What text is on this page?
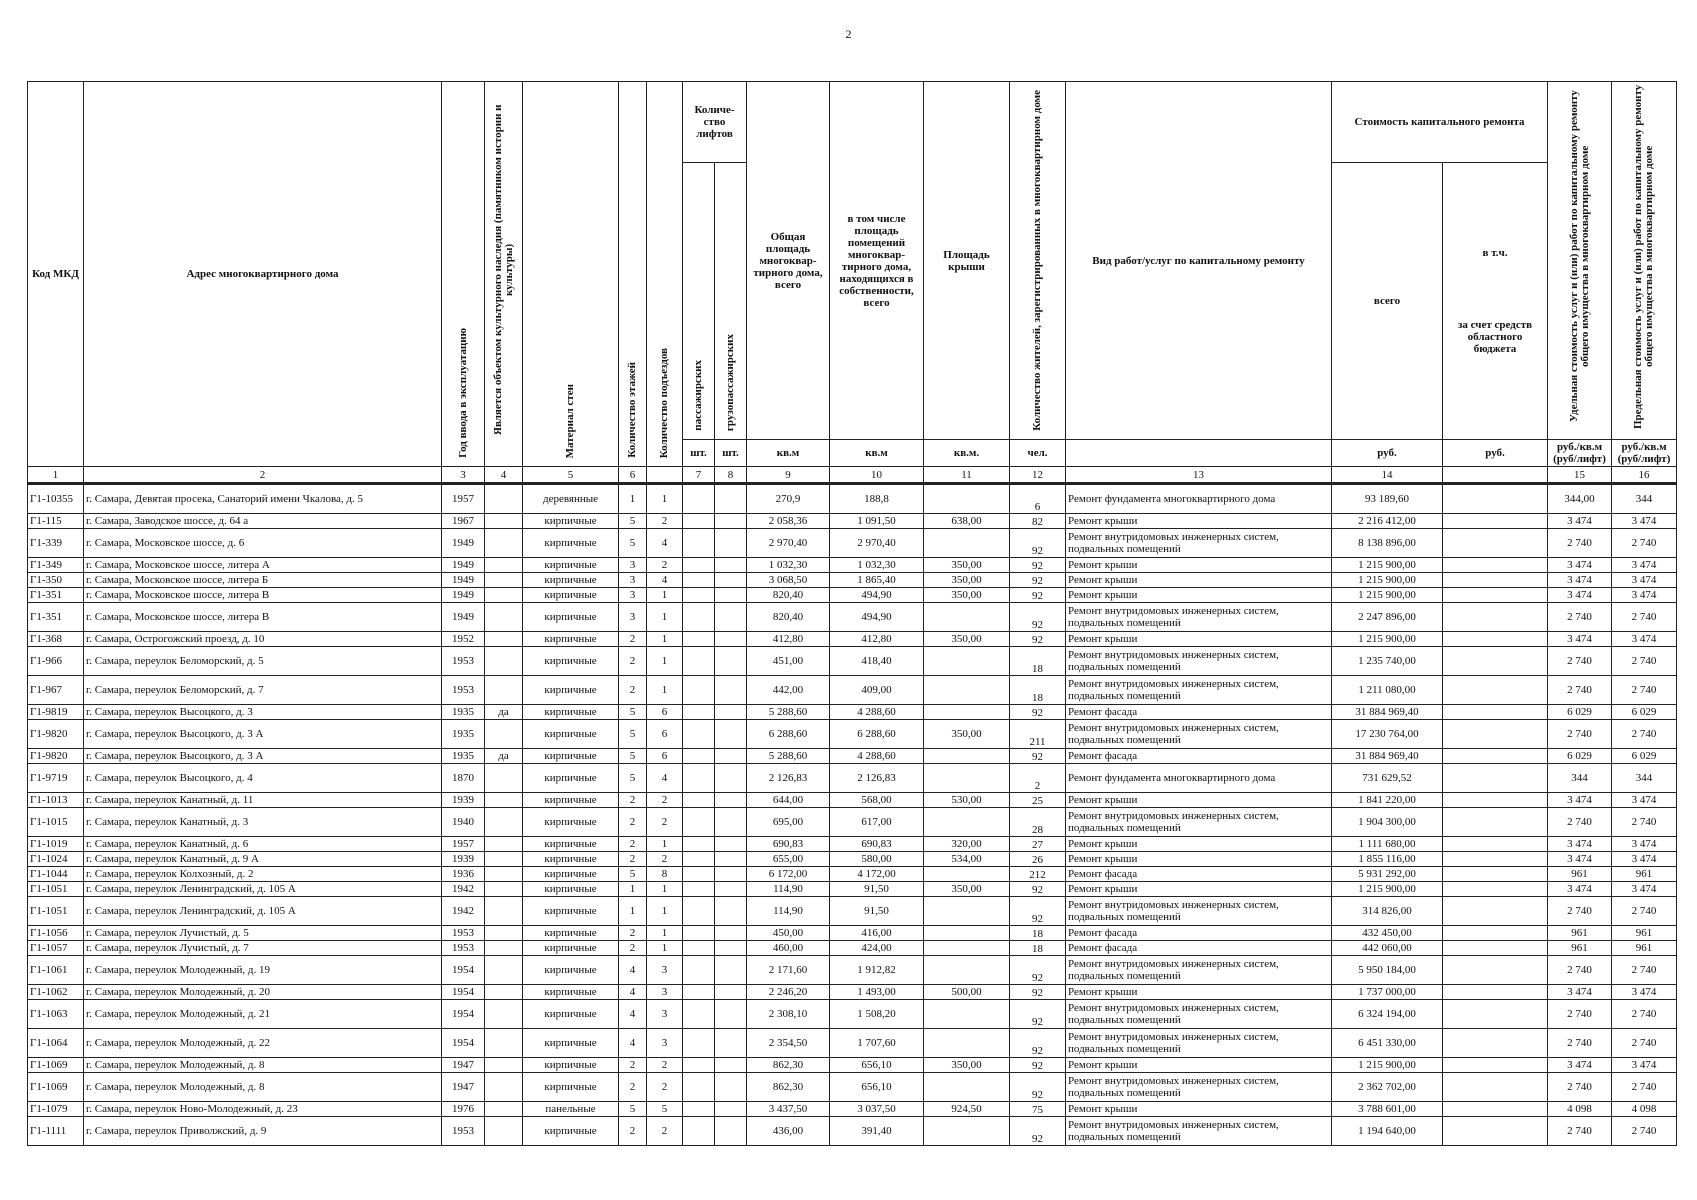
2
Код МКД	Адрес многоквартирного дома	Год ввода в эксплуатацию	Является объектом культурного наследия (памятником истории и культуры)	Материал стен	Количество этажей	Количество подъездов	Количе-ство лифтов		Общая площадь многоквар-тирного дома, всего	в том числе площадь помещений многоквар-тирного дома, находящихся в собственности, всего	Площадь крыши	Количество жителей, зарегистрированных в многоквартирном доме	Вид работ/услуг по капитальному ремонту	Стоимость капитального ремонта		Удельная стоимость услуг и (или) работ по капитальному ремонту общего имущества в многоквартирном доме	Предельная стоимость услуг и (или) работ по капитальному ремонту общего имущества в многоквартирном доме

							пассажирских	грузопассажирских						всего	в т.ч.
за счет средств областного бюджета		

							шт.	шт.	кв.м	кв.м	кв.м.	чел.		руб.	руб.	руб./кв.м (руб/лифт)	руб./кв.м (руб/лифт)
1	2	3	4	5	6		7	8	9	10	11	12	13	14		15	16
Г1-10355	г. Самара, Девятая просека, Санаторий имени Чкалова, д. 5	1957		деревянные	1	1			270,9	188,8		6	Ремонт фундамента многоквартирного дома	93 189,60		344,00	344
Г1-115	г. Самара, Заводское шоссе, д. 64 а	1967		кирпичные	5	2			2 058,36	1 091,50	638,00	82	Ремонт крыши	2 216 412,00		3 474	3 474
Г1-339	г. Самара, Московское шоссе, д. 6	1949		кирпичные	5	4			2 970,40	2 970,40		92	Ремонт внутридомовых инженерных систем, подвальных помещений	8 138 896,00		2 740	2 740
Г1-349	г. Самара, Московское шоссе, литера А	1949		кирпичные	3	2			1 032,30	1 032,30	350,00	92	Ремонт крыши	1 215 900,00		3 474	3 474
Г1-350	г. Самара, Московское шоссе, литера Б	1949		кирпичные	3	4			3 068,50	1 865,40	350,00	92	Ремонт крыши	1 215 900,00		3 474	3 474
Г1-351	г. Самара, Московское шоссе, литера В	1949		кирпичные	3	1			820,40	494,90	350,00	92	Ремонт крыши	1 215 900,00		3 474	3 474
Г1-351	г. Самара, Московское шоссе, литера В	1949		кирпичные	3	1			820,40	494,90		92	Ремонт внутридомовых инженерных систем, подвальных помещений	2 247 896,00		2 740	2 740
Г1-368	г. Самара, Острогожский проезд, д. 10	1952		кирпичные	2	1			412,80	412,80	350,00	92	Ремонт крыши	1 215 900,00		3 474	3 474
Г1-966	г. Самара, переулок Беломорский, д. 5	1953		кирпичные	2	1			451,00	418,40		18	Ремонт внутридомовых инженерных систем, подвальных помещений	1 235 740,00		2 740	2 740
Г1-967	г. Самара, переулок Беломорский, д. 7	1953		кирпичные	2	1			442,00	409,00		18	Ремонт внутридомовых инженерных систем, подвальных помещений	1 211 080,00		2 740	2 740
Г1-9819	г. Самара, переулок Высоцкого, д. 3	1935	да	кирпичные	5	6			5 288,60	4 288,60		92	Ремонт фасада	31 884 969,40		6 029	6 029
Г1-9820	г. Самара, переулок Высоцкого, д. 3 А	1935		кирпичные	5	6			6 288,60	6 288,60	350,00	211	Ремонт внутридомовых инженерных систем, подвальных помещений	17 230 764,00		2 740	2 740
Г1-9820	г. Самара, переулок Высоцкого, д. 3 А	1935	да	кирпичные	5	6			5 288,60	4 288,60		92	Ремонт фасада	31 884 969,40		6 029	6 029
Г1-9719	г. Самара, переулок Высоцкого, д. 4	1870		кирпичные	5	4			2 126,83	2 126,83		2	Ремонт фундамента многоквартирного дома	731 629,52		344	344
Г1-1013	г. Самара, переулок Канатный, д. 11	1939		кирпичные	2	2			644,00	568,00	530,00	25	Ремонт крыши	1 841 220,00		3 474	3 474
Г1-1015	г. Самара, переулок Канатный, д. 3	1940		кирпичные	2	2			695,00	617,00		28	Ремонт внутридомовых инженерных систем, подвальных помещений	1 904 300,00		2 740	2 740
Г1-1019	г. Самара, переулок Канатный, д. 6	1957		кирпичные	2	1			690,83	690,83	320,00	27	Ремонт крыши	1 111 680,00		3 474	3 474
Г1-1024	г. Самара, переулок Канатный, д. 9 А	1939		кирпичные	2	2			655,00	580,00	534,00	26	Ремонт крыши	1 855 116,00		3 474	3 474
Г1-1044	г. Самара, переулок Колхозный, д. 2	1936		кирпичные	5	8			6 172,00	4 172,00		212	Ремонт фасада	5 931 292,00		961	961
Г1-1051	г. Самара, переулок Ленинградский, д. 105 А	1942		кирпичные	1	1			114,90	91,50	350,00	92	Ремонт крыши	1 215 900,00		3 474	3 474
Г1-1051	г. Самара, переулок Ленинградский, д. 105 А	1942		кирпичные	1	1			114,90	91,50		92	Ремонт внутридомовых инженерных систем, подвальных помещений	314 826,00		2 740	2 740
Г1-1056	г. Самара, переулок Лучистый, д. 5	1953		кирпичные	2	1			450,00	416,00		18	Ремонт фасада	432 450,00		961	961
Г1-1057	г. Самара, переулок Лучистый, д. 7	1953		кирпичные	2	1			460,00	424,00		18	Ремонт фасада	442 060,00		961	961
Г1-1061	г. Самара, переулок Молодежный, д. 19	1954		кирпичные	4	3			2 171,60	1 912,82		92	Ремонт внутридомовых инженерных систем, подвальных помещений	5 950 184,00		2 740	2 740
Г1-1062	г. Самара, переулок Молодежный, д. 20	1954		кирпичные	4	3			2 246,20	1 493,00	500,00	92	Ремонт крыши	1 737 000,00		3 474	3 474
Г1-1063	г. Самара, переулок Молодежный, д. 21	1954		кирпичные	4	3			2 308,10	1 508,20		92	Ремонт внутридомовых инженерных систем, подвальных помещений	6 324 194,00		2 740	2 740
Г1-1064	г. Самара, переулок Молодежный, д. 22	1954		кирпичные	4	3			2 354,50	1 707,60		92	Ремонт внутридомовых инженерных систем, подвальных помещений	6 451 330,00		2 740	2 740
Г1-1069	г. Самара, переулок Молодежный, д. 8	1947		кирпичные	2	2			862,30	656,10	350,00	92	Ремонт крыши	1 215 900,00		3 474	3 474
Г1-1069	г. Самара, переулок Молодежный, д. 8	1947		кирпичные	2	2			862,30	656,10		92	Ремонт внутридомовых инженерных систем, подвальных помещений	2 362 702,00		2 740	2 740
Г1-1079	г. Самара, переулок Ново-Молодежный, д. 23	1976		панельные	5	5			3 437,50	3 037,50	924,50	75	Ремонт крыши	3 788 601,00		4 098	4 098
Г1-1111	г. Самара, переулок Приволжский, д. 9	1953		кирпичные	2	2			436,00	391,40		92	Ремонт внутридомовых инженерных систем, подвальных помещений	1 194 640,00		2 740	2 740
